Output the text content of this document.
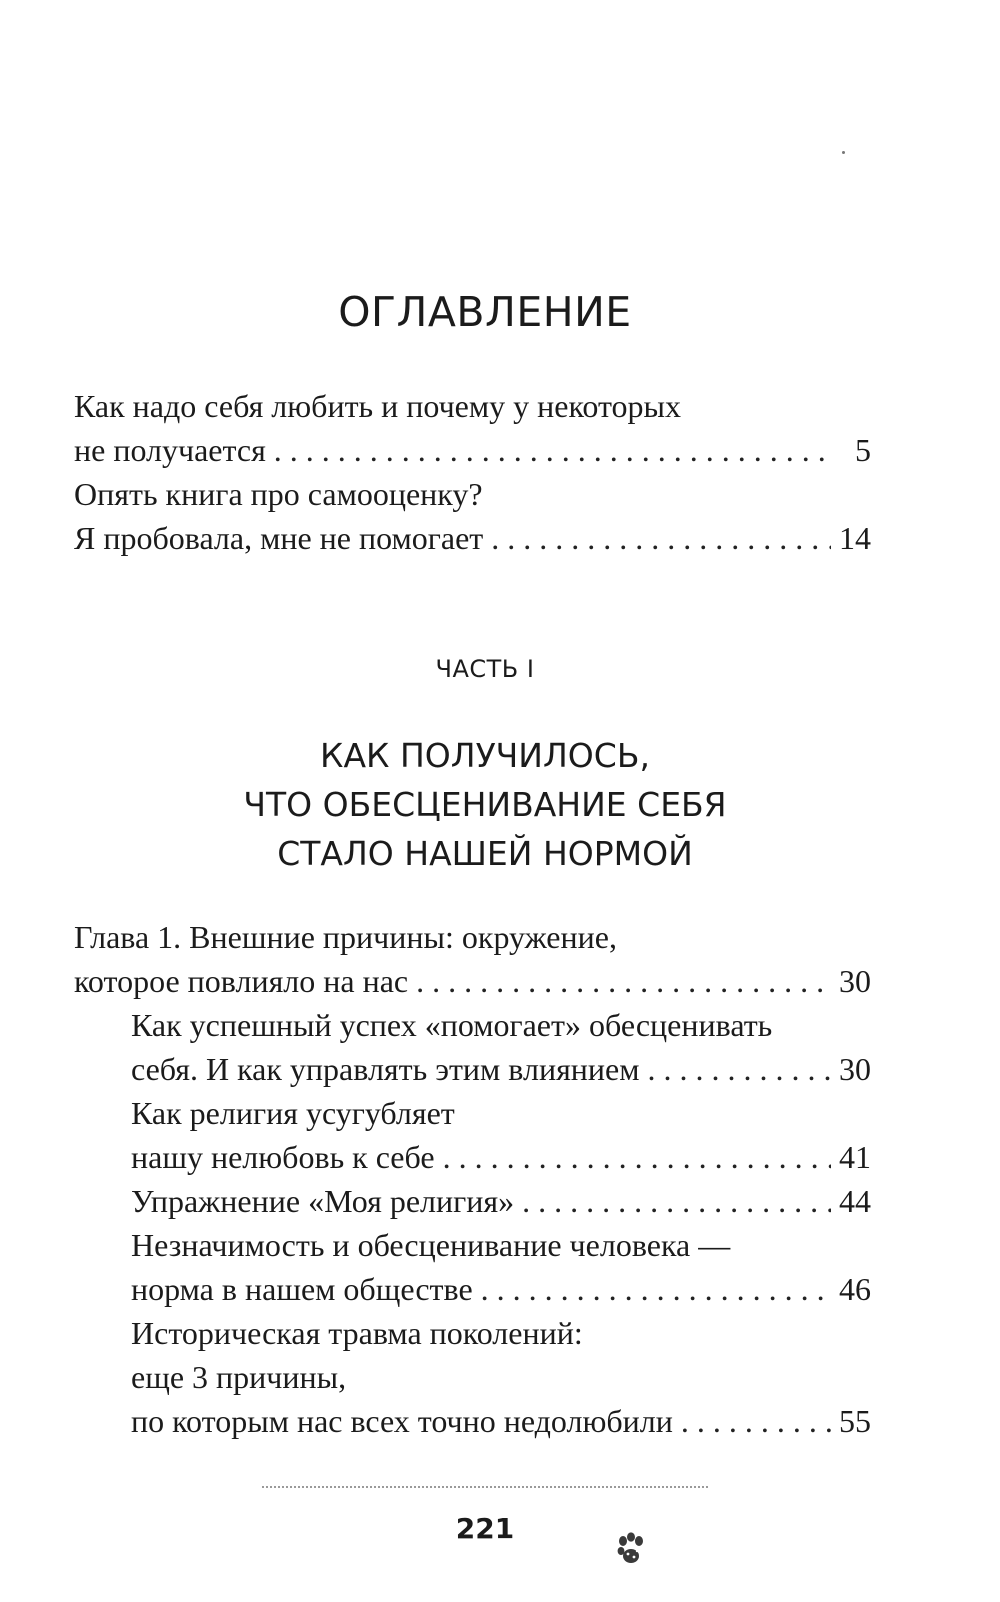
ОГЛАВЛЕНИЕ
Как надо себя любить и почему у некоторых
не получается . . .	5
Опять книга про самооценку?
Я пробовала, мне не помогает . . .	14
ЧАСТЬ I
КАК ПОЛУЧИЛОСЬ,
ЧТО ОБЕСЦЕНИВАНИЕ СЕБЯ
СТАЛО НАШЕЙ НОРМОЙ
Глава 1. Внешние причины: окружение,
которое повлияло на нас . . .	30
Как успешный успех «помогает» обесценивать
себя. И как управлять этим влиянием . . .	30
Как религия усугубляет
нашу нелюбовь к себе . . .	41
Упражнение «Моя религия» . . .	44
Незначимость и обесценивание человека —
норма в нашем обществе . . .	46
Историческая травма поколений:
еще 3 причины,
по которым нас всех точно недолюбили . . .	55
221
